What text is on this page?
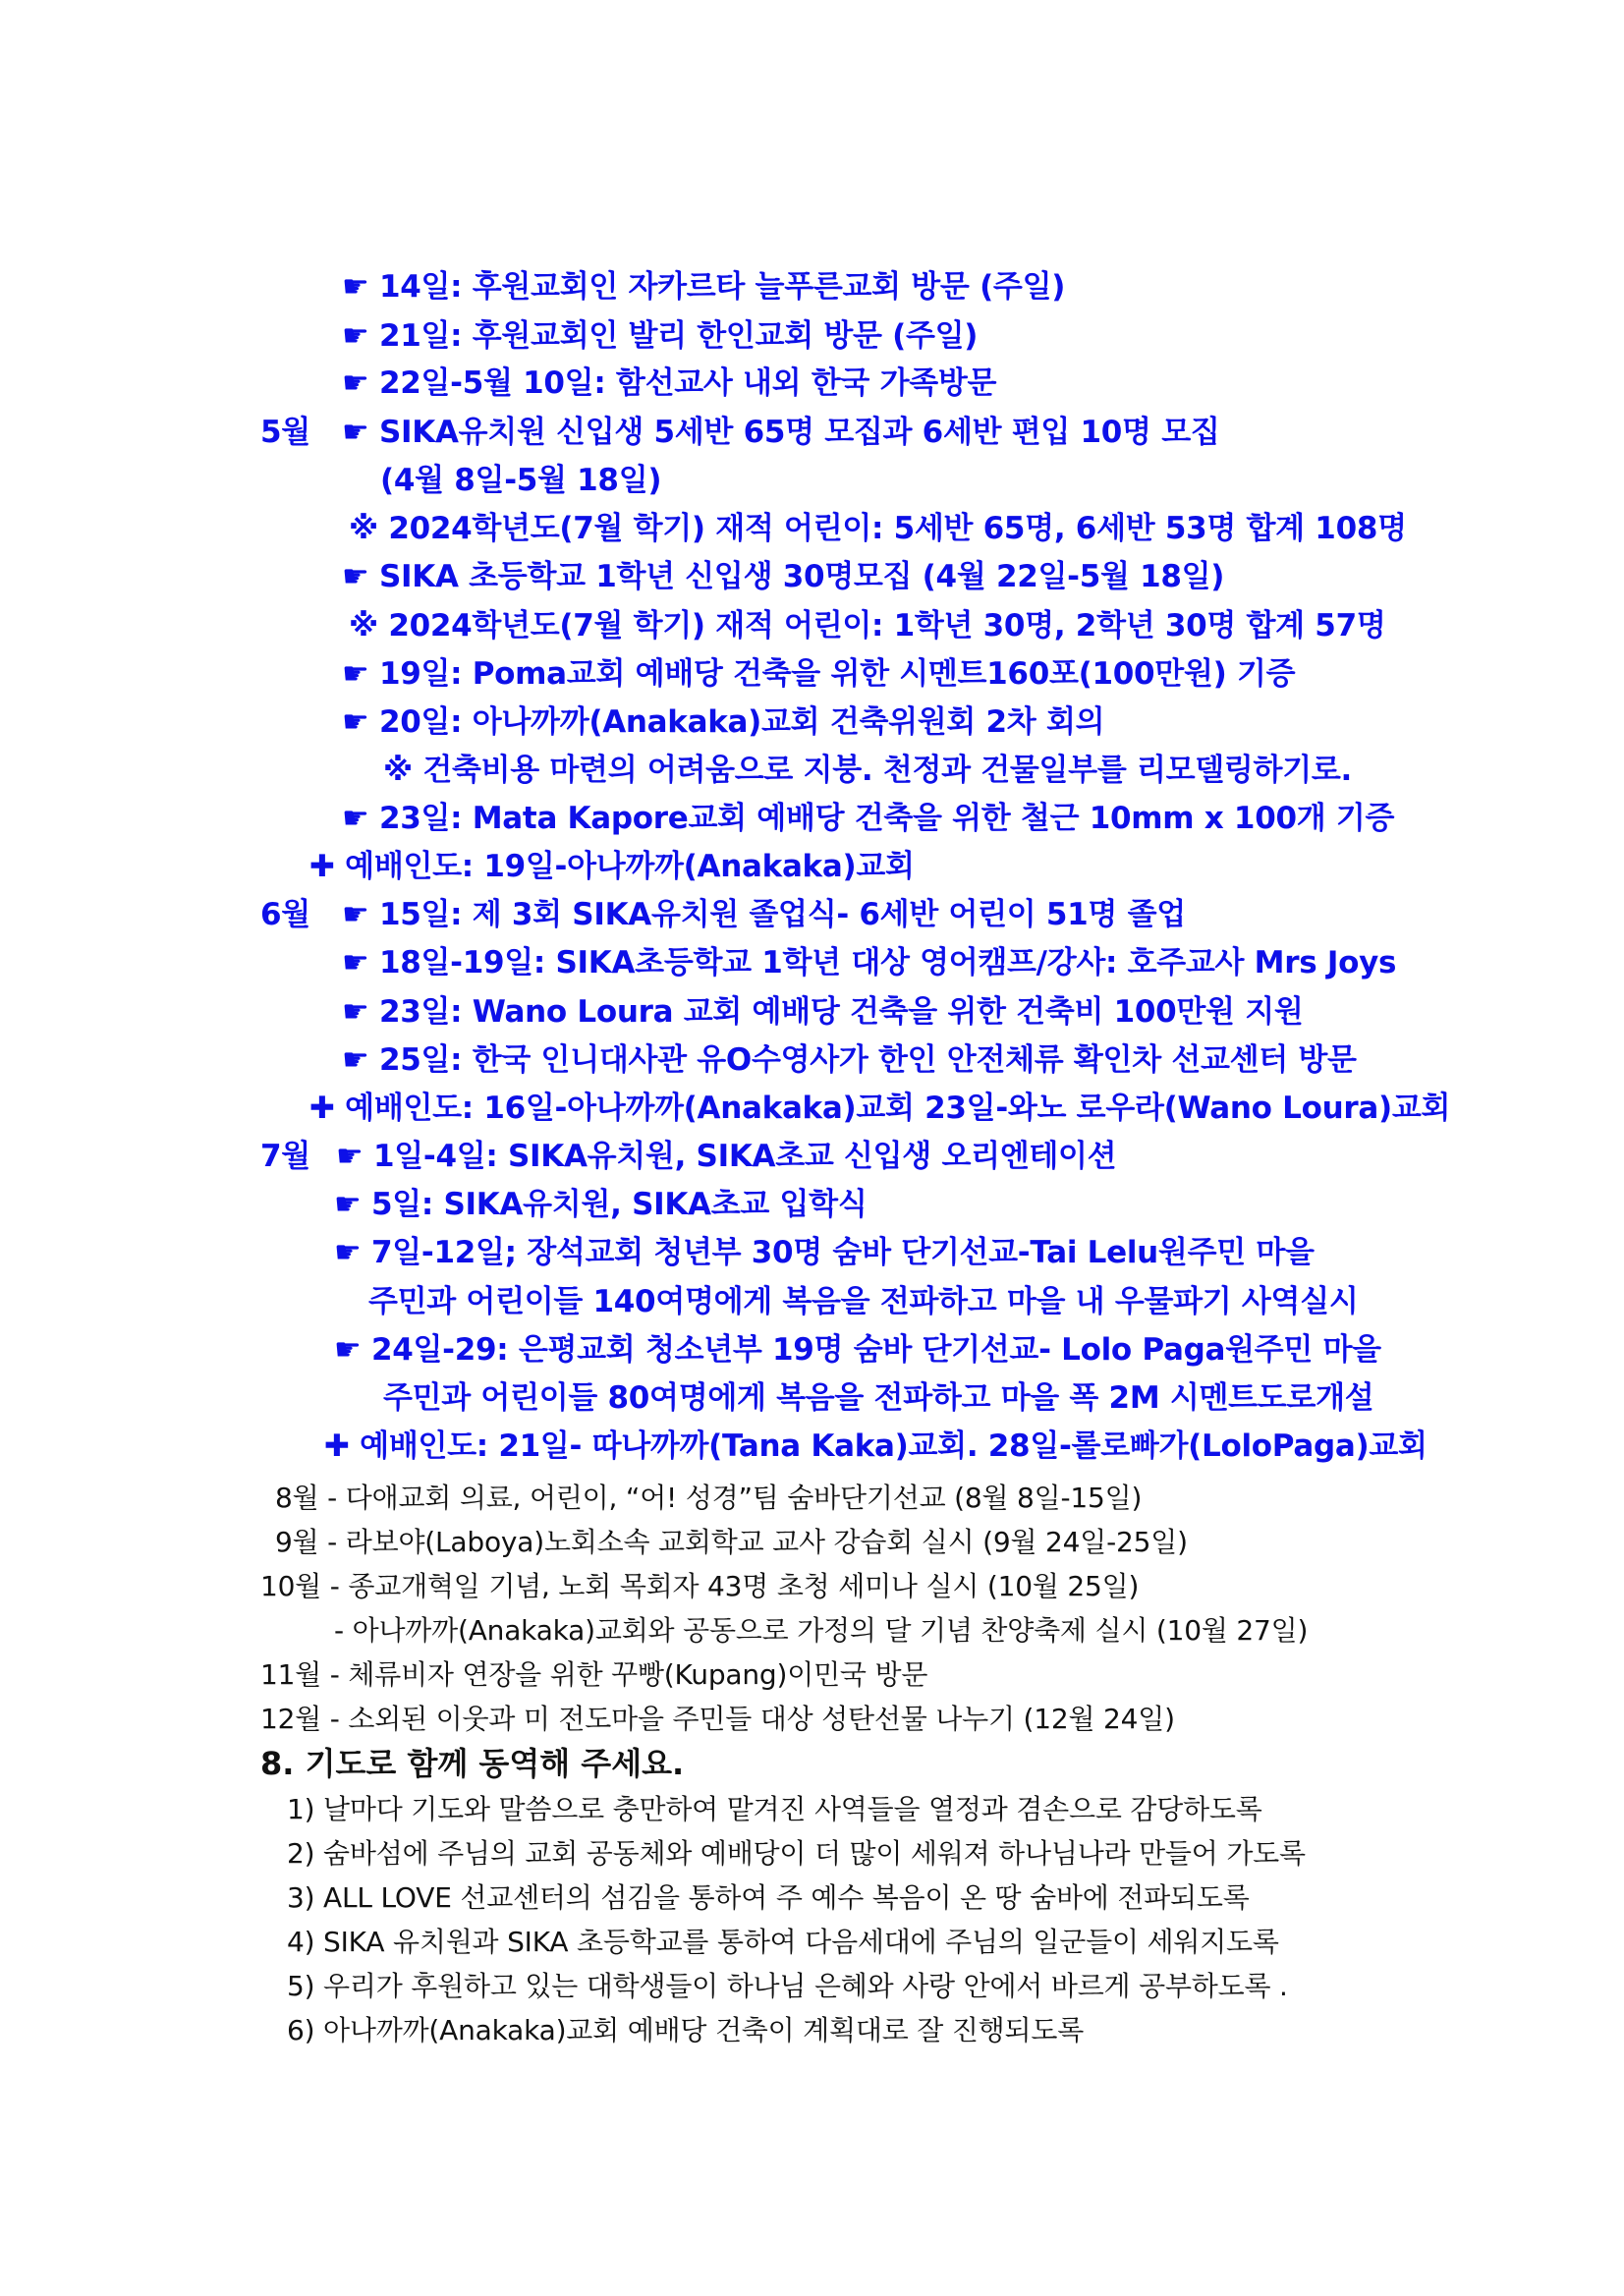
☛ 14일: 후원교회인 자카르타 늘푸른교회 방문 (주일)
☛ 21일: 후원교회인 발리 한인교회 방문 (주일)
☛ 22일-5월 10일: 함선교사 내외 한국 가족방문
5월 ☛ SIKA유치원 신입생 5세반 65명 모집과 6세반 편입 10명 모집
(4월 8일-5월 18일)
※ 2024학년도(7월 학기) 재적 어린이: 5세반 65명, 6세반 53명 합계 108명
☛ SIKA 초등학교 1학년 신입생 30명모집 (4월 22일-5월 18일)
※ 2024학년도(7월 학기) 재적 어린이: 1학년 30명, 2학년 30명 합계 57명
☛ 19일: Poma교회 예배당 건축을 위한 시멘트160포(100만원) 기증
☛ 20일: 아나까까(Anakaka)교회 건축위원회 2차 회의
※ 건축비용 마련의 어려움으로 지붕. 천정과 건물일부를 리모델링하기로.
☛ 23일: Mata Kapore교회 예배당 건축을 위한 철근 10mm x 100개 기증
✚ 예배인도: 19일-아나까까(Anakaka)교회
6월 ☛ 15일: 제 3회 SIKA유치원 졸업식- 6세반 어린이 51명 졸업
☛ 18일-19일: SIKA초등학교 1학년 대상 영어캠프/강사: 호주교사 Mrs Joys
☛ 23일: Wano Loura 교회 예배당 건축을 위한 건축비 100만원 지원
☛ 25일: 한국 인니대사관 유O수영사가 한인 안전체류 확인차 선교센터 방문
✚ 예배인도: 16일-아나까까(Anakaka)교회 23일-와노 로우라(Wano Loura)교회
7월 ☛ 1일-4일: SIKA유치원, SIKA초교 신입생 오리엔테이션
☛ 5일: SIKA유치원, SIKA초교 입학식
☛ 7일-12일; 장석교회 청년부 30명 숨바 단기선교-Tai Lelu원주민 마을
주민과 어린이들 140여명에게 복음을 전파하고 마을 내 우물파기 사역실시
☛ 24일-29: 은평교회 청소년부 19명 숨바 단기선교- Lolo Paga원주민 마을
주민과 어린이들 80여명에게 복음을 전파하고 마을 폭 2M 시멘트도로개설
✚ 예배인도: 21일- 따나까까(Tana Kaka)교회. 28일-롤로빠가(LoloPaga)교회
8월 - 다애교회 의료, 어린이, “어! 성경”팀 숨바단기선교 (8월 8일-15일)
9월 - 라보야(Laboya)노회소속 교회학교 교사 강습회 실시 (9월 24일-25일)
10월 - 종교개혁일 기념, 노회 목회자 43명 초청 세미나 실시 (10월 25일)
- 아나까까(Anakaka)교회와 공동으로 가정의 달 기념 찬양축제 실시 (10월 27일)
11월 - 체류비자 연장을 위한 꾸빵(Kupang)이민국 방문
12월 - 소외된 이웃과 미 전도마을 주민들 대상 성탄선물 나누기 (12월 24일)
8. 기도로 함께 동역해 주세요.
1) 날마다 기도와 말씀으로 충만하여 맡겨진 사역들을 열정과 겸손으로 감당하도록
2) 숨바섬에 주님의 교회 공동체와 예배당이 더 많이 세워져 하나님나라 만들어 가도록
3) ALL LOVE 선교센터의 섬김을 통하여 주 예수 복음이 온 땅 숨바에 전파되도록
4) SIKA 유치원과 SIKA 초등학교를 통하여 다음세대에 주님의 일군들이 세워지도록
5) 우리가 후원하고 있는 대학생들이 하나님 은혜와 사랑 안에서 바르게 공부하도록 .
6) 아나까까(Anakaka)교회 예배당 건축이 계획대로 잘 진행되도록
